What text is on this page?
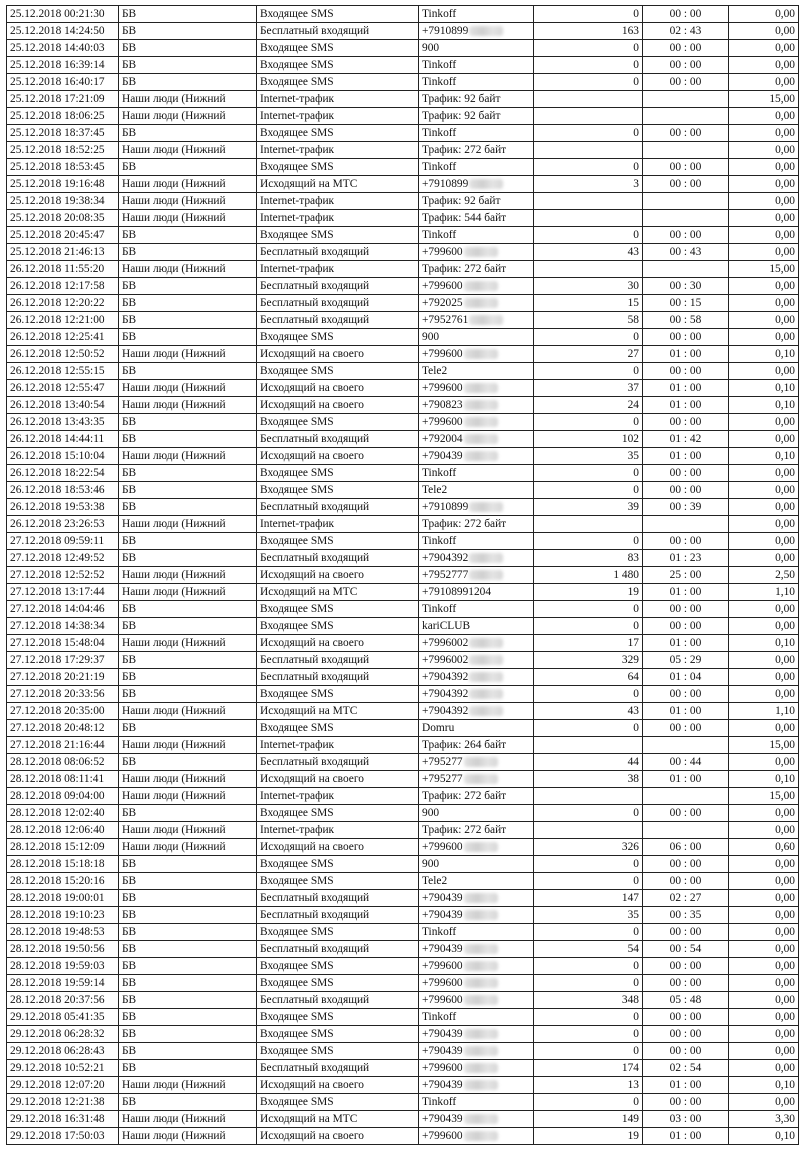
25.12.2018 00:21:30	БВ	Входящее SMS	Tinkoff	0	00 : 00	0,00
25.12.2018 14:24:50	БВ	Бесплатный входящий	+7910899	163	02 : 43	0,00
25.12.2018 14:40:03	БВ	Входящее SMS	900	0	00 : 00	0,00
25.12.2018 16:39:14	БВ	Входящее SMS	Tinkoff	0	00 : 00	0,00
25.12.2018 16:40:17	БВ	Входящее SMS	Tinkoff	0	00 : 00	0,00
25.12.2018 17:21:09	Наши люди (Нижний	Internet-трафик	Трафик: 92 байт			15,00
25.12.2018 18:06:25	Наши люди (Нижний	Internet-трафик	Трафик: 92 байт			0,00
25.12.2018 18:37:45	БВ	Входящее SMS	Tinkoff	0	00 : 00	0,00
25.12.2018 18:52:25	Наши люди (Нижний	Internet-трафик	Трафик: 272 байт			0,00
25.12.2018 18:53:45	БВ	Входящее SMS	Tinkoff	0	00 : 00	0,00
25.12.2018 19:16:48	Наши люди (Нижний	Исходящий на МТС	+7910899	3	00 : 00	0,00
25.12.2018 19:38:34	Наши люди (Нижний	Internet-трафик	Трафик: 92 байт			0,00
25.12.2018 20:08:35	Наши люди (Нижний	Internet-трафик	Трафик: 544 байт			0,00
25.12.2018 20:45:47	БВ	Входящее SMS	Tinkoff	0	00 : 00	0,00
25.12.2018 21:46:13	БВ	Бесплатный входящий	+799600	43	00 : 43	0,00
26.12.2018 11:55:20	Наши люди (Нижний	Internet-трафик	Трафик: 272 байт			15,00
26.12.2018 12:17:58	БВ	Бесплатный входящий	+799600	30	00 : 30	0,00
26.12.2018 12:20:22	БВ	Бесплатный входящий	+792025	15	00 : 15	0,00
26.12.2018 12:21:00	БВ	Бесплатный входящий	+7952761	58	00 : 58	0,00
26.12.2018 12:25:41	БВ	Входящее SMS	900	0	00 : 00	0,00
26.12.2018 12:50:52	Наши люди (Нижний	Исходящий на своего	+799600	27	01 : 00	0,10
26.12.2018 12:55:15	БВ	Входящее SMS	Tele2	0	00 : 00	0,00
26.12.2018 12:55:47	Наши люди (Нижний	Исходящий на своего	+799600	37	01 : 00	0,10
26.12.2018 13:40:54	Наши люди (Нижний	Исходящий на своего	+790823	24	01 : 00	0,10
26.12.2018 13:43:35	БВ	Входящее SMS	+799600	0	00 : 00	0,00
26.12.2018 14:44:11	БВ	Бесплатный входящий	+792004	102	01 : 42	0,00
26.12.2018 15:10:04	Наши люди (Нижний	Исходящий на своего	+790439	35	01 : 00	0,10
26.12.2018 18:22:54	БВ	Входящее SMS	Tinkoff	0	00 : 00	0,00
26.12.2018 18:53:46	БВ	Входящее SMS	Tele2	0	00 : 00	0,00
26.12.2018 19:53:38	БВ	Бесплатный входящий	+7910899	39	00 : 39	0,00
26.12.2018 23:26:53	Наши люди (Нижний	Internet-трафик	Трафик: 272 байт			0,00
27.12.2018 09:59:11	БВ	Входящее SMS	Tinkoff	0	00 : 00	0,00
27.12.2018 12:49:52	БВ	Бесплатный входящий	+7904392	83	01 : 23	0,00
27.12.2018 12:52:52	Наши люди (Нижний	Исходящий на своего	+7952777	1 480	25 : 00	2,50
27.12.2018 13:17:44	Наши люди (Нижний	Исходящий на МТС	+79108991204	19	01 : 00	1,10
27.12.2018 14:04:46	БВ	Входящее SMS	Tinkoff	0	00 : 00	0,00
27.12.2018 14:38:34	БВ	Входящее SMS	kariCLUB	0	00 : 00	0,00
27.12.2018 15:48:04	Наши люди (Нижний	Исходящий на своего	+7996002	17	01 : 00	0,10
27.12.2018 17:29:37	БВ	Бесплатный входящий	+7996002	329	05 : 29	0,00
27.12.2018 20:21:19	БВ	Бесплатный входящий	+7904392	64	01 : 04	0,00
27.12.2018 20:33:56	БВ	Входящее SMS	+7904392	0	00 : 00	0,00
27.12.2018 20:35:00	Наши люди (Нижний	Исходящий на МТС	+7904392	43	01 : 00	1,10
27.12.2018 20:48:12	БВ	Входящее SMS	Domru	0	00 : 00	0,00
27.12.2018 21:16:44	Наши люди (Нижний	Internet-трафик	Трафик: 264 байт			15,00
28.12.2018 08:06:52	БВ	Бесплатный входящий	+795277	44	00 : 44	0,00
28.12.2018 08:11:41	Наши люди (Нижний	Исходящий на своего	+795277	38	01 : 00	0,10
28.12.2018 09:04:00	Наши люди (Нижний	Internet-трафик	Трафик: 272 байт			15,00
28.12.2018 12:02:40	БВ	Входящее SMS	900	0	00 : 00	0,00
28.12.2018 12:06:40	Наши люди (Нижний	Internet-трафик	Трафик: 272 байт			0,00
28.12.2018 15:12:09	Наши люди (Нижний	Исходящий на своего	+799600	326	06 : 00	0,60
28.12.2018 15:18:18	БВ	Входящее SMS	900	0	00 : 00	0,00
28.12.2018 15:20:16	БВ	Входящее SMS	Tele2	0	00 : 00	0,00
28.12.2018 19:00:01	БВ	Бесплатный входящий	+790439	147	02 : 27	0,00
28.12.2018 19:10:23	БВ	Бесплатный входящий	+790439	35	00 : 35	0,00
28.12.2018 19:48:53	БВ	Входящее SMS	Tinkoff	0	00 : 00	0,00
28.12.2018 19:50:56	БВ	Бесплатный входящий	+790439	54	00 : 54	0,00
28.12.2018 19:59:03	БВ	Входящее SMS	+799600	0	00 : 00	0,00
28.12.2018 19:59:14	БВ	Входящее SMS	+799600	0	00 : 00	0,00
28.12.2018 20:37:56	БВ	Бесплатный входящий	+799600	348	05 : 48	0,00
29.12.2018 05:41:35	БВ	Входящее SMS	Tinkoff	0	00 : 00	0,00
29.12.2018 06:28:32	БВ	Входящее SMS	+790439	0	00 : 00	0,00
29.12.2018 06:28:43	БВ	Входящее SMS	+790439	0	00 : 00	0,00
29.12.2018 10:52:21	БВ	Бесплатный входящий	+799600	174	02 : 54	0,00
29.12.2018 12:07:20	Наши люди (Нижний	Исходящий на своего	+790439	13	01 : 00	0,10
29.12.2018 12:21:38	БВ	Входящее SMS	Tinkoff	0	00 : 00	0,00
29.12.2018 16:31:48	Наши люди (Нижний	Исходящий на МТС	+790439	149	03 : 00	3,30
29.12.2018 17:50:03	Наши люди (Нижний	Исходящий на своего	+799600	19	01 : 00	0,10
